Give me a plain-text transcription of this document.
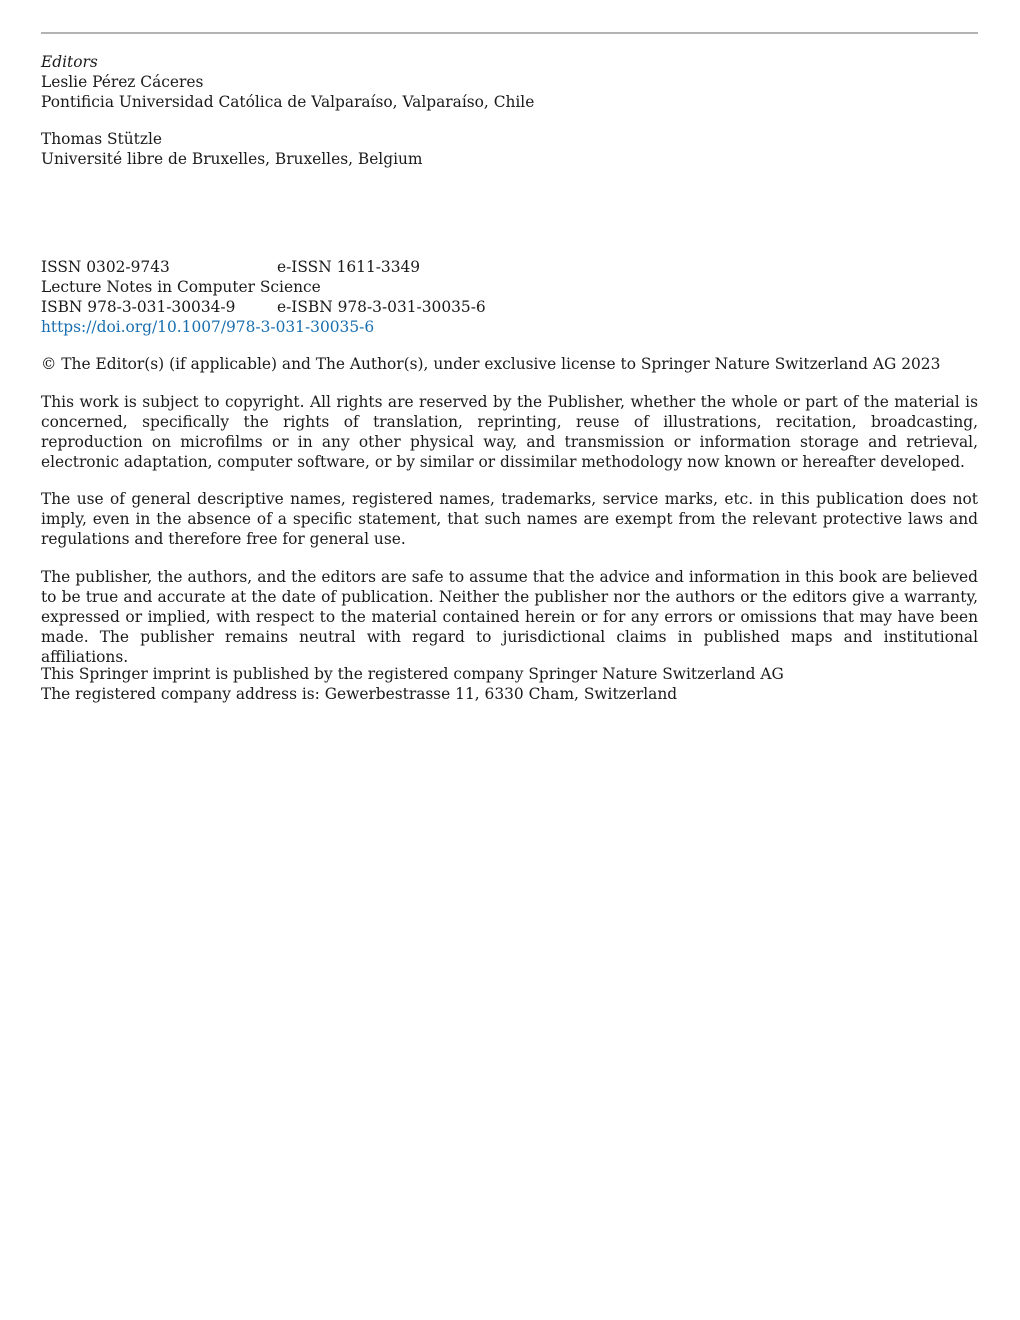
Editors
Leslie Pérez Cáceres
Pontificia Universidad Católica de Valparaíso, Valparaíso, Chile
Thomas Stützle
Université libre de Bruxelles, Bruxelles, Belgium
ISSN 0302-9743	e-ISSN 1611-3349
Lecture Notes in Computer Science
ISBN 978-3-031-30034-9	e-ISBN 978-3-031-30035-6
https://doi.org/10.1007/978-3-031-30035-6
© The Editor(s) (if applicable) and The Author(s), under exclusive license to Springer Nature Switzerland AG 2023
This work is subject to copyright. All rights are reserved by the Publisher, whether the whole or part of the material is concerned, specifically the rights of translation, reprinting, reuse of illustrations, recitation, broadcasting, reproduction on microfilms or in any other physical way, and transmission or information storage and retrieval, electronic adaptation, computer software, or by similar or dissimilar methodology now known or hereafter developed.
The use of general descriptive names, registered names, trademarks, service marks, etc. in this publication does not imply, even in the absence of a specific statement, that such names are exempt from the relevant protective laws and regulations and therefore free for general use.
The publisher, the authors, and the editors are safe to assume that the advice and information in this book are believed to be true and accurate at the date of publication. Neither the publisher nor the authors or the editors give a warranty, expressed or implied, with respect to the material contained herein or for any errors or omissions that may have been made. The publisher remains neutral with regard to jurisdictional claims in published maps and institutional affiliations.
This Springer imprint is published by the registered company Springer Nature Switzerland AG
The registered company address is: Gewerbestrasse 11, 6330 Cham, Switzerland
